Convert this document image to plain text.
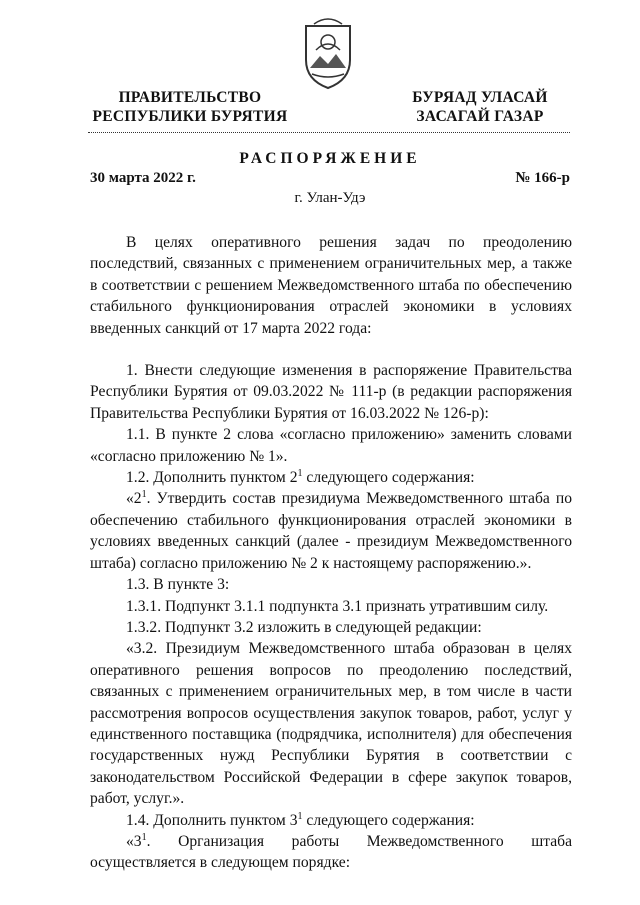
ПРАВИТЕЛЬСТВО
РЕСПУБЛИКИ БУРЯТИЯ
БУРЯАД УЛАСАЙ
ЗАСАГАЙ ГАЗАР
РАСПОРЯЖЕНИЕ
30 марта 2022 г.	№ 166-р
г. Улан-Удэ

В целях оперативного решения задач по преодолению последствий, связанных с применением ограничительных мер, а также в соответствии с решением Межведомственного штаба по обеспечению стабильного функционирования отраслей экономики в условиях введенных санкций от 17 марта 2022 года:

1. Внести следующие изменения в распоряжение Правительства Республики Бурятия от 09.03.2022 № 111-р (в редакции распоряжения Правительства Республики Бурятия от 16.03.2022 № 126-р):

1.1. В пункте 2 слова «согласно приложению» заменить словами «согласно приложению № 1».

1.2. Дополнить пунктом $2^1$ следующего содержания:

«$2^1$. Утвердить состав президиума Межведомственного штаба по обеспечению стабильного функционирования отраслей экономики в условиях введенных санкций (далее - президиум Межведомственного штаба) согласно приложению № 2 к настоящему распоряжению.».

1.3. В пункте 3:

1.3.1. Подпункт 3.1.1 подпункта 3.1 признать утратившим силу.

1.3.2. Подпункт 3.2 изложить в следующей редакции:

«3.2. Президиум Межведомственного штаба образован в целях оперативного решения вопросов по преодолению последствий, связанных с применением ограничительных мер, в том числе в части рассмотрения вопросов осуществления закупок товаров, работ, услуг у единственного поставщика (подрядчика, исполнителя) для обеспечения государственных нужд Республики Бурятия в соответствии с законодательством Российской Федерации в сфере закупок товаров, работ, услуг.».

1.4. Дополнить пунктом $3^1$ следующего содержания:

«$3^1$. Организация работы Межведомственного штаба осуществляется в следующем порядке:
